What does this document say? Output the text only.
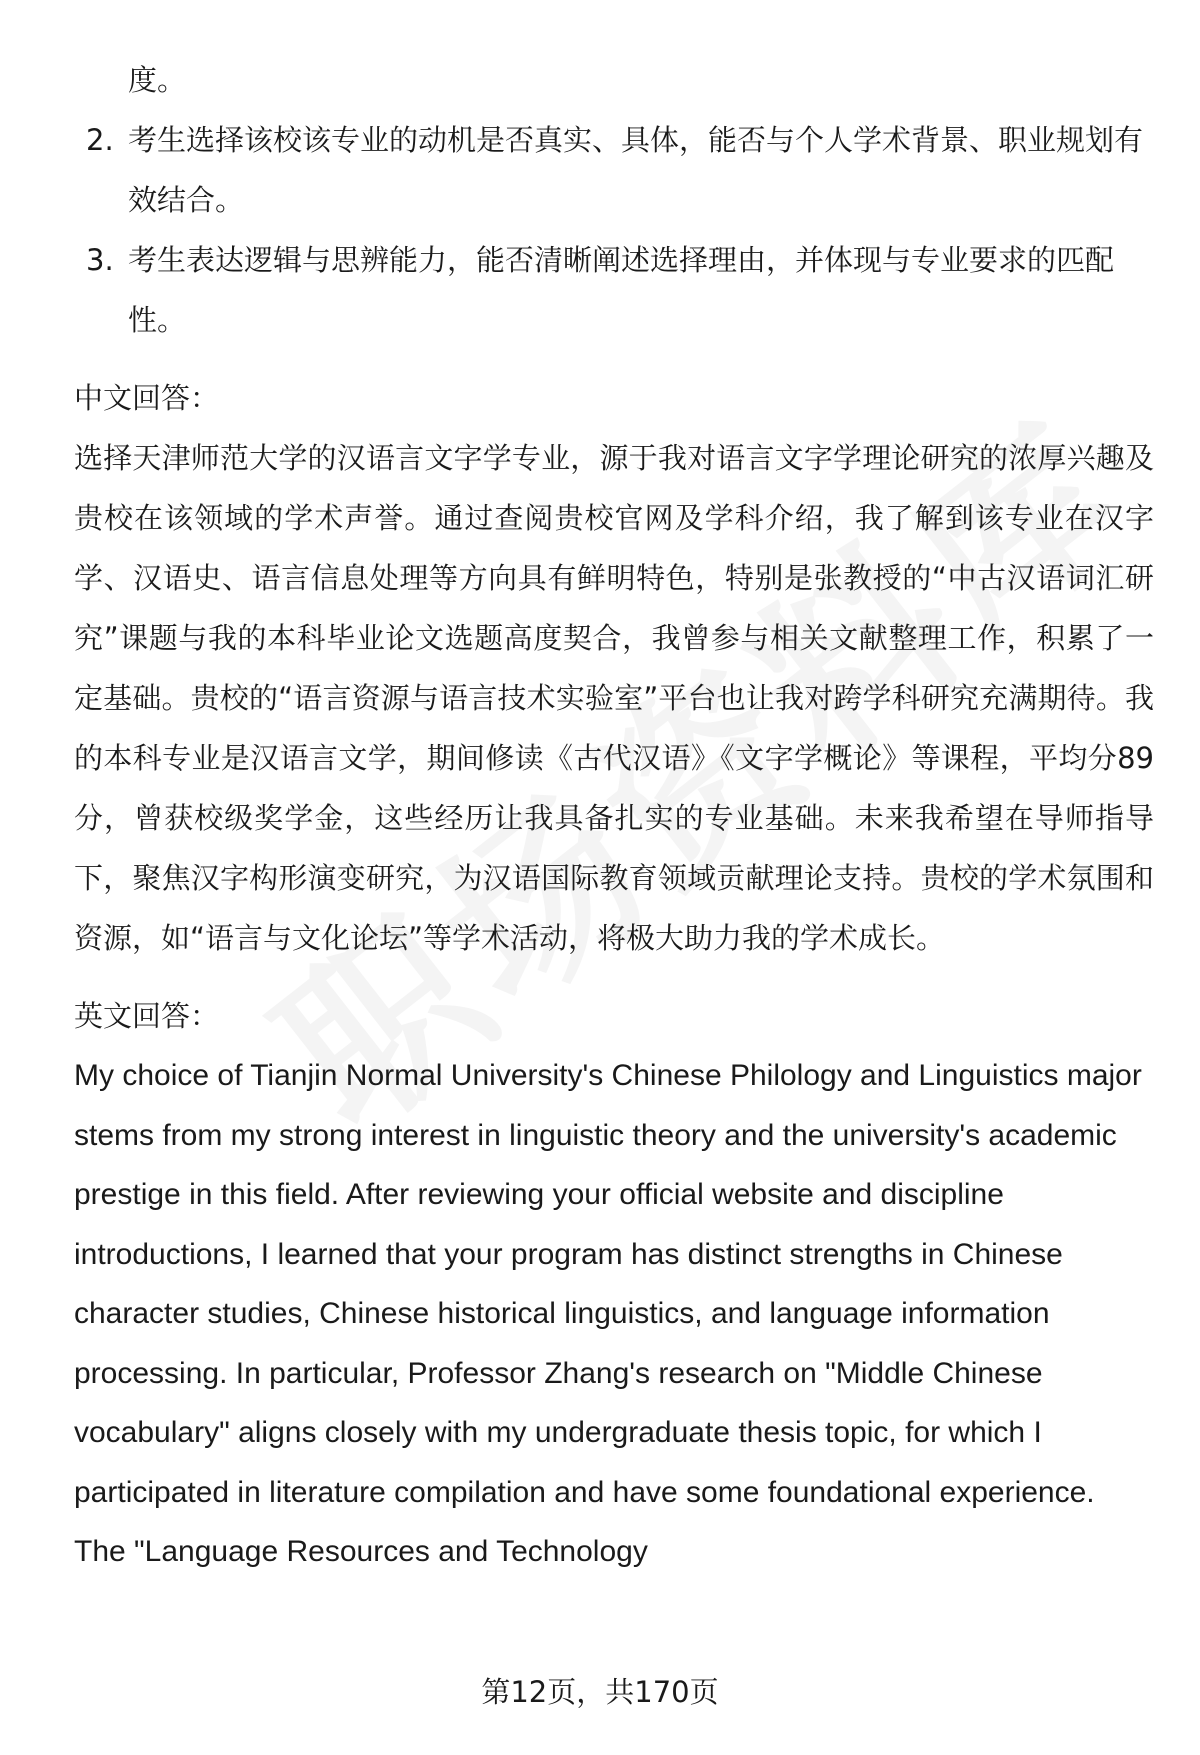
度。
2. 考生选择该校该专业的动机是否真实、具体，能否与个人学术背景、职业规划有效结合。
3. 考生表达逻辑与思辨能力，能否清晰阐述选择理由，并体现与专业要求的匹配性。
中文回答：

选择天津师范大学的汉语言文字学专业，源于我对语言文字学理论研究的浓厚兴趣及贵校在该领域的学术声誉。通过查阅贵校官网及学科介绍，我了解到该专业在汉字学、汉语史、语言信息处理等方向具有鲜明特色，特别是张教授的“中古汉语词汇研究”课题与我的本科毕业论文选题高度契合，我曾参与相关文献整理工作，积累了一定基础。贵校的“语言资源与语言技术实验室”平台也让我对跨学科研究充满期待。我的本科专业是汉语言文学，期间修读《古代汉语》《文字学概论》等课程，平均分89分，曾获校级奖学金，这些经历让我具备扎实的专业基础。未来我希望在导师指导下，聚焦汉字构形演变研究，为汉语国际教育领域贡献理论支持。贵校的学术氛围和资源，如“语言与文化论坛”等学术活动，将极大助力我的学术成长。

英文回答：

My choice of Tianjin Normal University's Chinese Philology and Linguistics major stems from my strong interest in linguistic theory and the university's academic prestige in this field. After reviewing your official website and discipline introductions, I learned that your program has distinct strengths in Chinese character studies, Chinese historical linguistics, and language information processing. In particular, Professor Zhang's research on "Middle Chinese vocabulary" aligns closely with my undergraduate thesis topic, for which I participated in literature compilation and have some foundational experience. The "Language Resources and Technology

第12页，共170页
